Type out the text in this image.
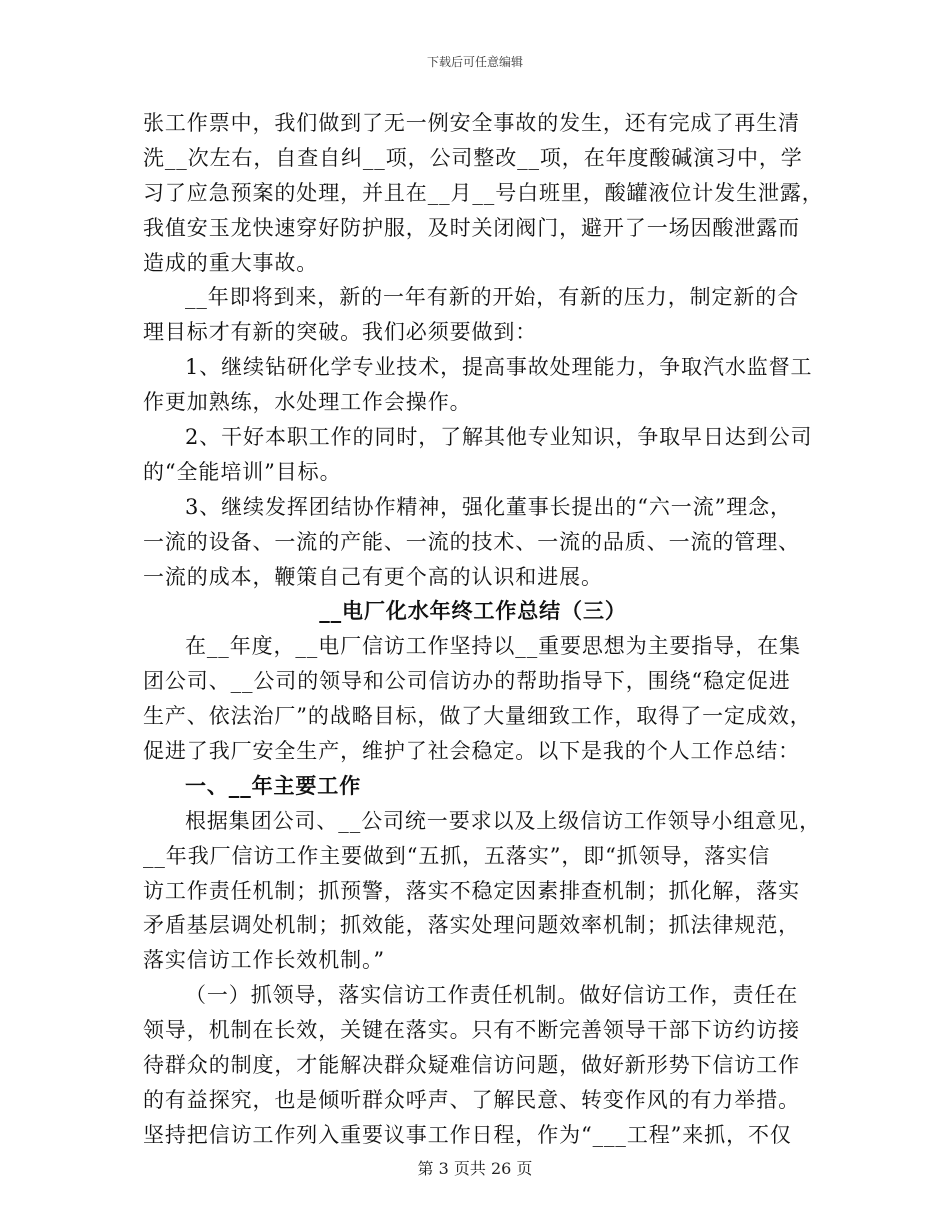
下载后可任意编辑
张工作票中，我们做到了无一例安全事故的发生，还有完成了再生清
洗__次左右，自查自纠__项，公司整改__项，在年度酸碱演习中，学
习了应急预案的处理，并且在__月__号白班里，酸罐液位计发生泄露，
我值安玉龙快速穿好防护服，及时关闭阀门，避开了一场因酸泄露而
造成的重大事故。
__年即将到来，新的一年有新的开始，有新的压力，制定新的合
理目标才有新的突破。我们必须要做到：
1、继续钻研化学专业技术，提高事故处理能力，争取汽水监督工
作更加熟练，水处理工作会操作。
2、干好本职工作的同时，了解其他专业知识，争取早日达到公司
的“全能培训”目标。
3、继续发挥团结协作精神，强化董事长提出的“六一流”理念，
一流的设备、一流的产能、一流的技术、一流的品质、一流的管理、
一流的成本，鞭策自己有更个高的认识和进展。
__电厂化水年终工作总结（三）
在__年度，__电厂信访工作坚持以__重要思想为主要指导，在集
团公司、__公司的领导和公司信访办的帮助指导下，围绕“稳定促进
生产、依法治厂”的战略目标，做了大量细致工作，取得了一定成效，
促进了我厂安全生产，维护了社会稳定。以下是我的个人工作总结：
一、__年主要工作
根据集团公司、__公司统一要求以及上级信访工作领导小组意见，
__年我厂信访工作主要做到“五抓，五落实”，即“抓领导，落实信
访工作责任机制；抓预警，落实不稳定因素排查机制；抓化解，落实
矛盾基层调处机制；抓效能，落实处理问题效率机制；抓法律规范，
落实信访工作长效机制。”
（一）抓领导，落实信访工作责任机制。做好信访工作，责任在
领导，机制在长效，关键在落实。只有不断完善领导干部下访约访接
待群众的制度，才能解决群众疑难信访问题，做好新形势下信访工作
的有益探究，也是倾听群众呼声、了解民意、转变作风的有力举措。
坚持把信访工作列入重要议事工作日程，作为“___工程”来抓，不仅
第 3 页共 26 页
